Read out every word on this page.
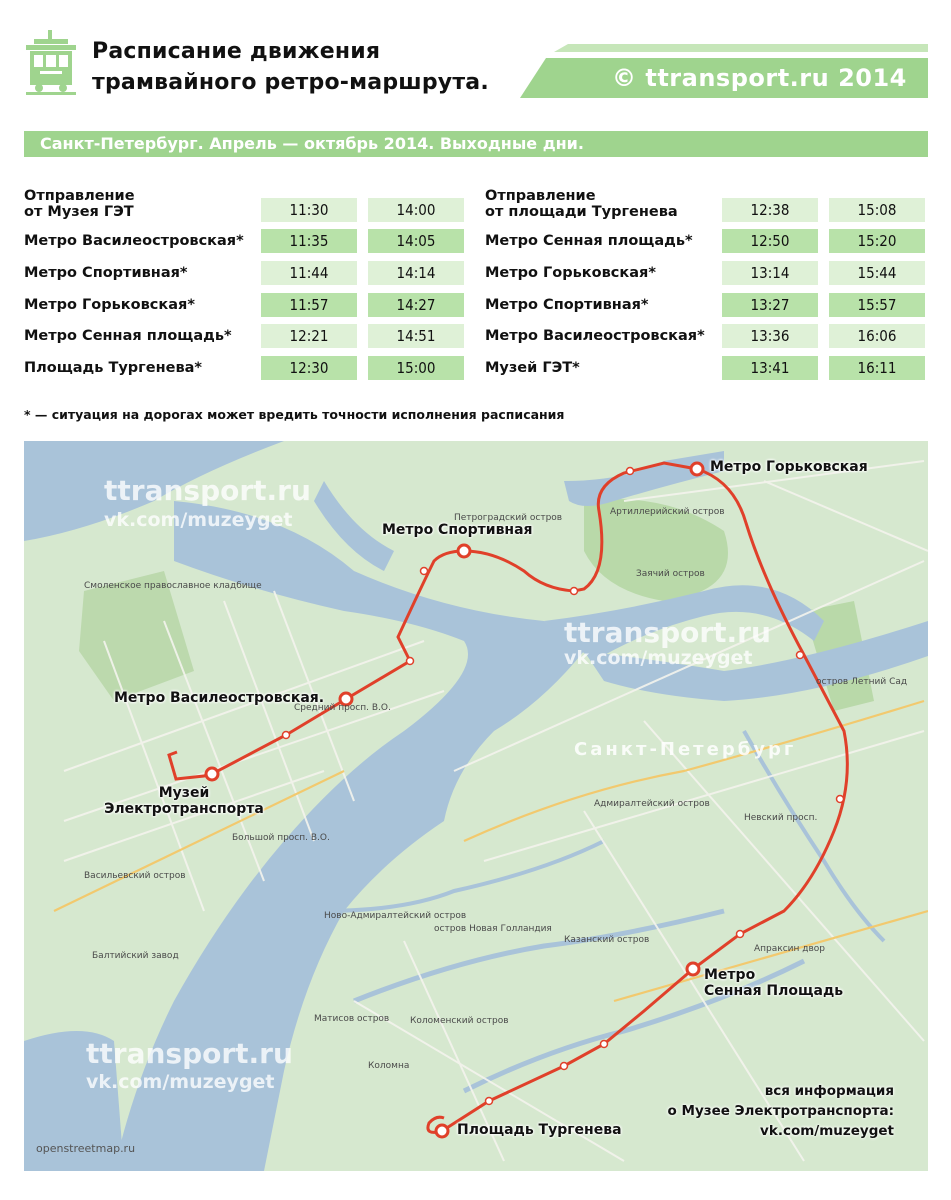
Расписание движения
трамвайного ретро-маршрута.	© ttransport.ru 2014
Санкт-Петербург. Апрель — октябрь 2014. Выходные дни.
Отправление
от Музея ГЭТ	11:30	14:00
Метро Василеостровская*	11:35	14:05
Метро Спортивная*	11:44	14:14
Метро Горьковская*	11:57	14:27
Метро Сенная площадь*	12:21	14:51
Площадь Тургенева*	12:30	15:00
Отправление
от площади Тургенева	12:38	15:08
Метро Сенная площадь*	12:50	15:20
Метро Горьковская*	13:14	15:44
Метро Спортивная*	13:27	15:57
Метро Василеостровская*	13:36	16:06
Музей ГЭТ*	13:41	16:11
* — ситуация на дорогах может вредить точности исполнения расписания
Артиллерийский остров
Заячий остров
остров Летний Сад
Адмиралтейский остров
Казанский остров
Коломенский остров
Коломна
Матисов остров
Ново-Адмиралтейский остров
остров Новая Голландия
Апраксин двор
Балтийский завод
Васильевский остров
Смоленское православное кладбище
Большой просп. В.О.
Средний просп. В.О.
Невский просп.
Петроградский остров
Санкт-Петербург
ttransport.ru
vk.com/muzeyget
ttransport.ru
vk.com/muzeyget
ttransport.ru
vk.com/muzeyget
Метро Горьковская
Метро Спортивная
Метро Василеостровская.
Музей
Электротранспорта
Метро
Сенная Площадь
Площадь Тургенева
openstreetmap.ru
вся информация
о Музее Электротранспорта:
vk.com/muzeyget
